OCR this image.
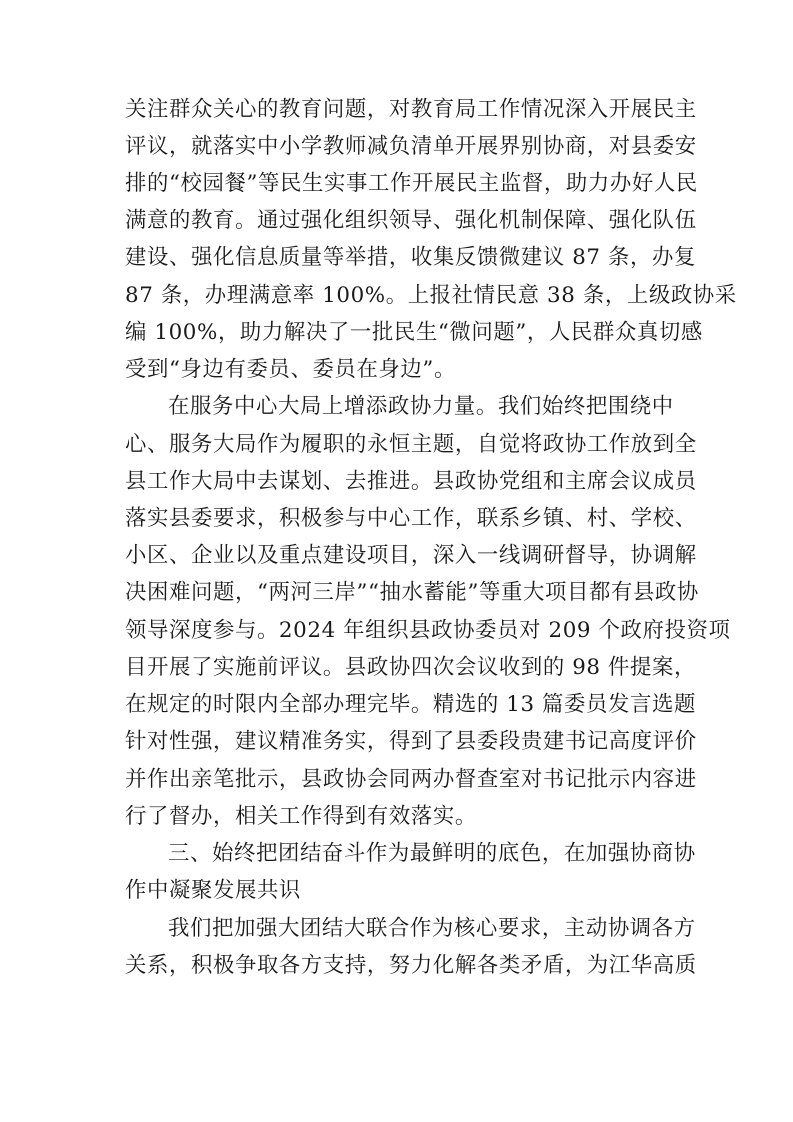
关注群众关心的教育问题，对教育局工作情况深入开展民主
评议，就落实中小学教师减负清单开展界别协商，对县委安
排的“校园餐”等民生实事工作开展民主监督，助力办好人民
满意的教育。通过强化组织领导、强化机制保障、强化队伍
建设、强化信息质量等举措，收集反馈微建议 87 条，办复
87 条，办理满意率 100%。上报社情民意 38 条，上级政协采
编 100%，助力解决了一批民生“微问题”，人民群众真切感
受到“身边有委员、委员在身边”。
在服务中心大局上增添政协力量。我们始终把围绕中
心、服务大局作为履职的永恒主题，自觉将政协工作放到全
县工作大局中去谋划、去推进。县政协党组和主席会议成员
落实县委要求，积极参与中心工作，联系乡镇、村、学校、
小区、企业以及重点建设项目，深入一线调研督导，协调解
决困难问题，“两河三岸”“抽水蓄能”等重大项目都有县政协
领导深度参与。2024 年组织县政协委员对 209 个政府投资项
目开展了实施前评议。县政协四次会议收到的 98 件提案，
在规定的时限内全部办理完毕。精选的 13 篇委员发言选题
针对性强，建议精准务实，得到了县委段贵建书记高度评价
并作出亲笔批示，县政协会同两办督查室对书记批示内容进
行了督办，相关工作得到有效落实。
三、始终把团结奋斗作为最鲜明的底色，在加强协商协
作中凝聚发展共识
我们把加强大团结大联合作为核心要求，主动协调各方
关系，积极争取各方支持，努力化解各类矛盾，为江华高质
